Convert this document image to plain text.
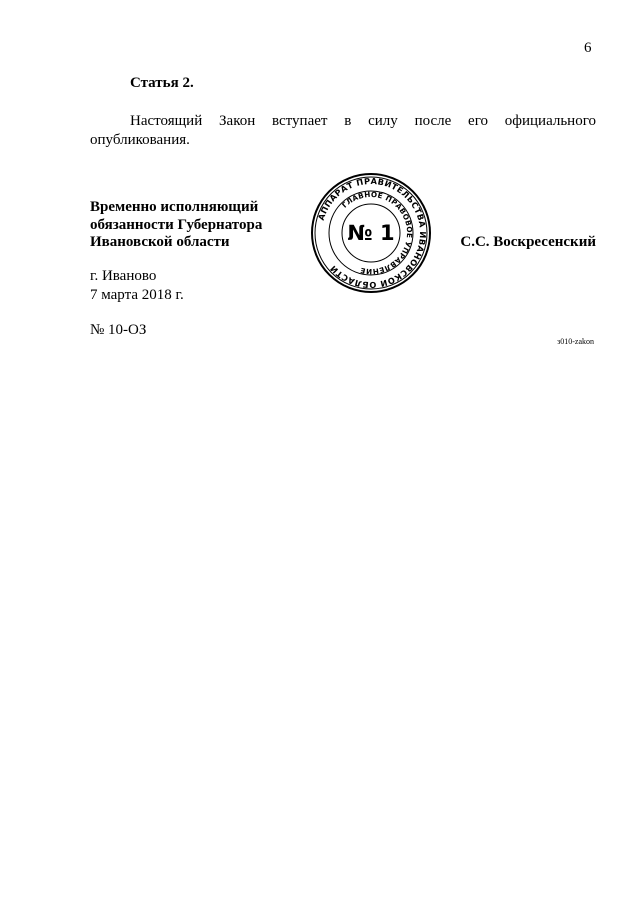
6
Статья 2.
Настоящий Закон вступает в силу после его официального
опубликования.
Временно исполняющий
обязанности Губернатора
Ивановской области
АППАРАТ ПРАВИТЕЛЬСТВА ИВАНОВСКОЙ ОБЛАСТИ
ГЛАВНОЕ ПРАВОВОЕ УПРАВЛЕНИЕ
№ 1	С.С. Воскресенский
г. Иваново
7 марта 2018 г.
№ 10-ОЗ
з010-zakon
